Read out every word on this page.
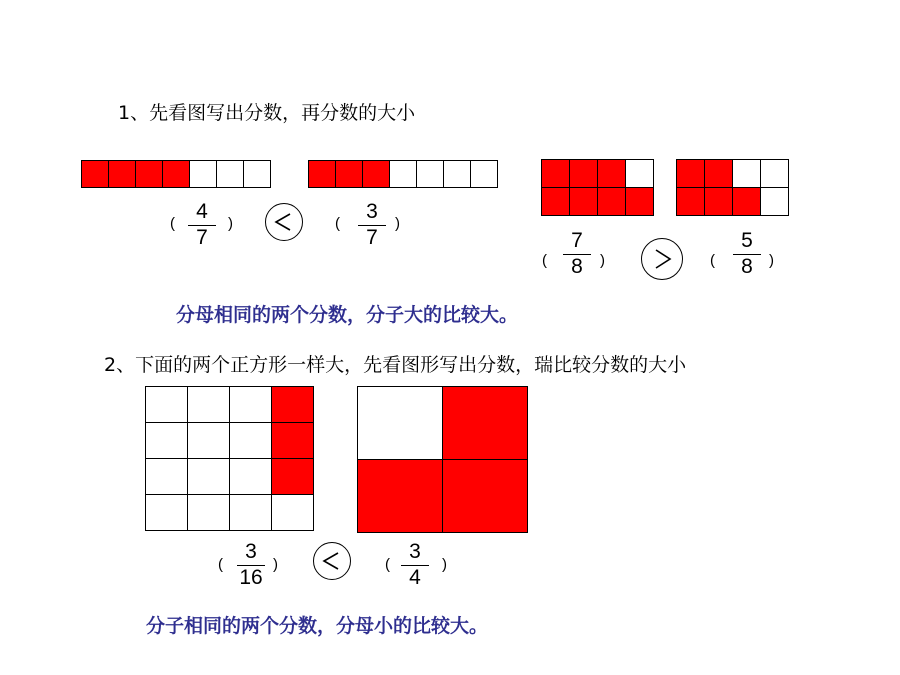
1、先看图写出分数，再分数的大小

(
4
7
)	(
3
7
)
(
7
8 )	(
5
8 )
分母相同的两个分数，分子大的比较大。
2、下面的两个正方形一样大，先看图形写出分数，瑞比较分数的大小

(
3
16
)	(
3
4
)
分子相同的两个分数，分母小的比较大。
